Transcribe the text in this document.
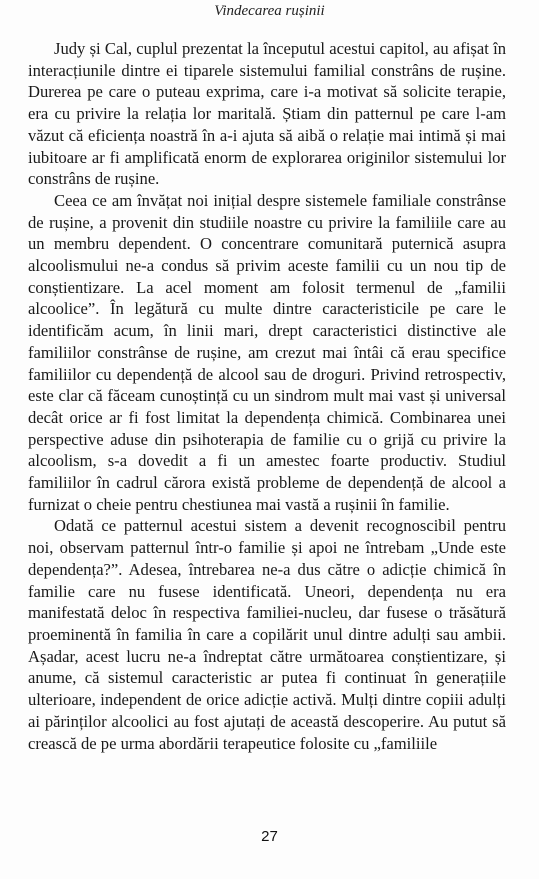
Vindecarea rușinii

Judy și Cal, cuplul prezentat la începutul acestui capitol, au afișat în interacțiunile dintre ei tiparele sistemului familial constrâns de rușine. Durerea pe care o puteau exprima, care i-a motivat să solicite terapie, era cu privire la relația lor maritală. Știam din patternul pe care l-am văzut că eficiența noastră în a-i ajuta să aibă o relație mai intimă și mai iubitoare ar fi amplificată enorm de explorarea originilor sistemului lor constrâns de rușine.

Ceea ce am învățat noi inițial despre sistemele familiale constrânse de rușine, a provenit din studiile noastre cu privire la familiile care au un membru dependent. O concentrare comunitară puternică asupra alcoolismului ne-a condus să privim aceste familii cu un nou tip de conștientizare. La acel moment am folosit termenul de „familii alcoolice”. În legătură cu multe dintre caracteristicile pe care le identificăm acum, în linii mari, drept caracteristici distinctive ale familiilor constrânse de rușine, am crezut mai întâi că erau specifice familiilor cu dependență de alcool sau de droguri. Privind retrospectiv, este clar că făceam cunoștință cu un sindrom mult mai vast și universal decât orice ar fi fost limitat la dependența chimică. Combinarea unei perspective aduse din psihoterapia de familie cu o grijă cu privire la alcoolism, s-a dovedit a fi un amestec foarte productiv. Studiul familiilor în cadrul cărora există probleme de dependență de alcool a furnizat o cheie pentru chestiunea mai vastă a rușinii în familie.

Odată ce patternul acestui sistem a devenit recognoscibil pentru noi, observam patternul într-o familie și apoi ne întrebam „Unde este dependența?”. Adesea, întrebarea ne-a dus către o adicție chimică în familie care nu fusese identificată. Uneori, dependența nu era manifestată deloc în respectiva familiei-nucleu, dar fusese o trăsătură proeminentă în familia în care a copilărit unul dintre adulți sau ambii. Așadar, acest lucru ne-a îndreptat către următoarea conștientizare, și anume, că sistemul caracteristic ar putea fi continuat în generațiile ulterioare, independent de orice adicție activă. Mulți dintre copiii adulți ai părinților alcoolici au fost ajutați de această descoperire. Au putut să crească de pe urma abordării terapeutice folosite cu „familiile

27
